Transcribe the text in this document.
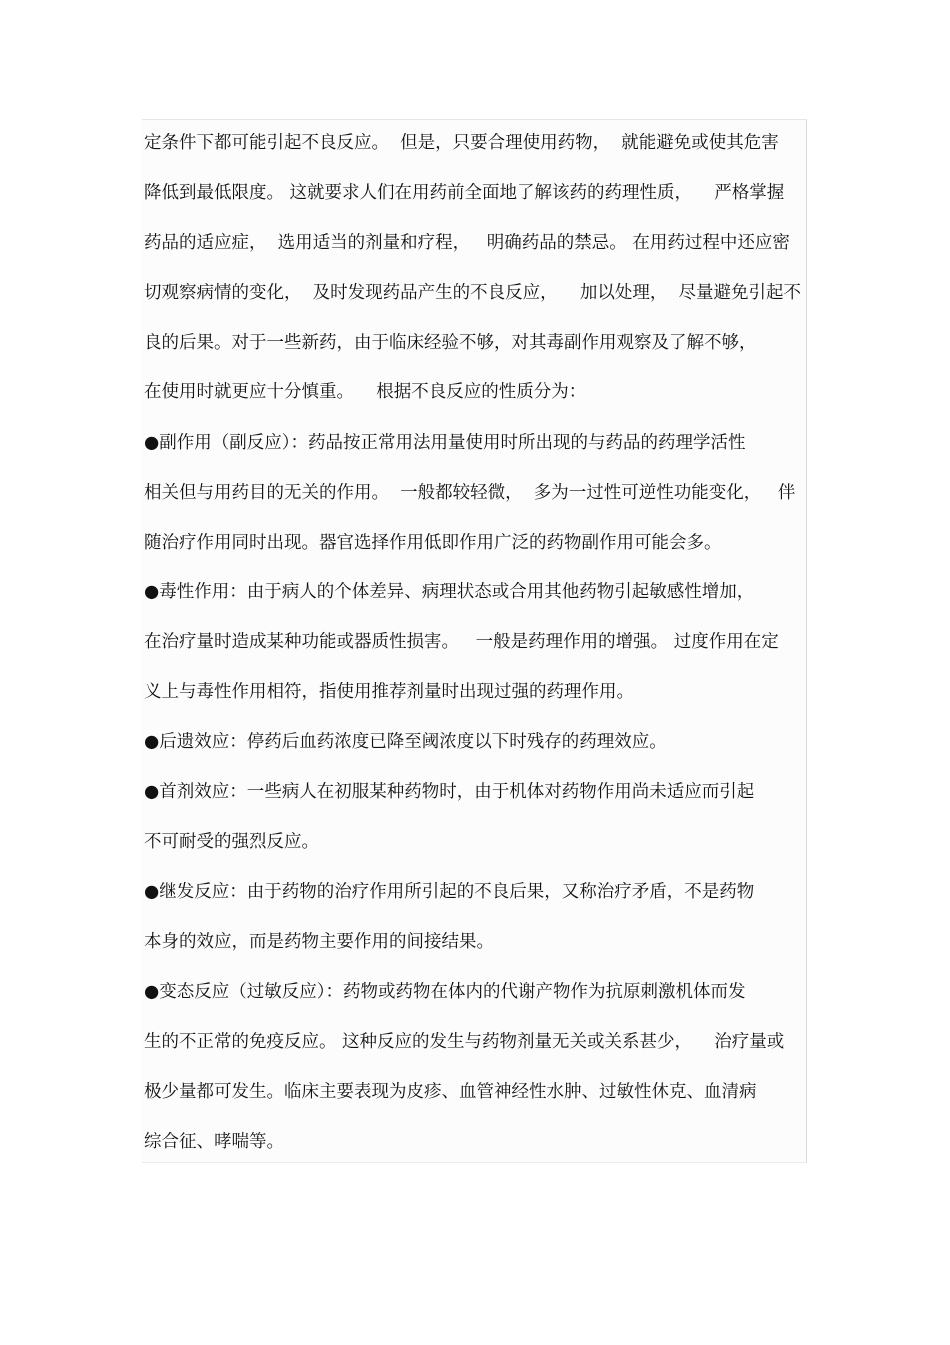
定条件下都可能引起不良反应。  但是，只要合理使用药物，  就能避免或使其危害
降低到最低限度。 这就要求人们在用药前全面地了解该药的药理性质，    严格掌握
药品的适应症，  选用适当的剂量和疗程，   明确药品的禁忌。 在用药过程中还应密
切观察病情的变化，  及时发现药品产生的不良反应，    加以处理，  尽量避免引起不
良的后果。对于一些新药，由于临床经验不够，对其毒副作用观察及了解不够，
在使用时就更应十分慎重。    根据不良反应的性质分为：
●副作用（副反应）：药品按正常用法用量使用时所出现的与药品的药理学活性
相关但与用药目的无关的作用。  一般都较轻微，  多为一过性可逆性功能变化，   伴
随治疗作用同时出现。器官选择作用低即作用广泛的药物副作用可能会多。
●毒性作用：由于病人的个体差异、病理状态或合用其他药物引起敏感性增加，
在治疗量时造成某种功能或器质性损害。   一般是药理作用的增强。 过度作用在定
义上与毒性作用相符，指使用推荐剂量时出现过强的药理作用。
●后遗效应：停药后血药浓度已降至阈浓度以下时残存的药理效应。
●首剂效应：一些病人在初服某种药物时，由于机体对药物作用尚未适应而引起
不可耐受的强烈反应。
●继发反应：由于药物的治疗作用所引起的不良后果，又称治疗矛盾，不是药物
本身的效应，而是药物主要作用的间接结果。
●变态反应（过敏反应）：药物或药物在体内的代谢产物作为抗原刺激机体而发
生的不正常的免疫反应。 这种反应的发生与药物剂量无关或关系甚少，    治疗量或
极少量都可发生。临床主要表现为皮疹、血管神经性水肿、过敏性休克、血清病
综合征、哮喘等。
